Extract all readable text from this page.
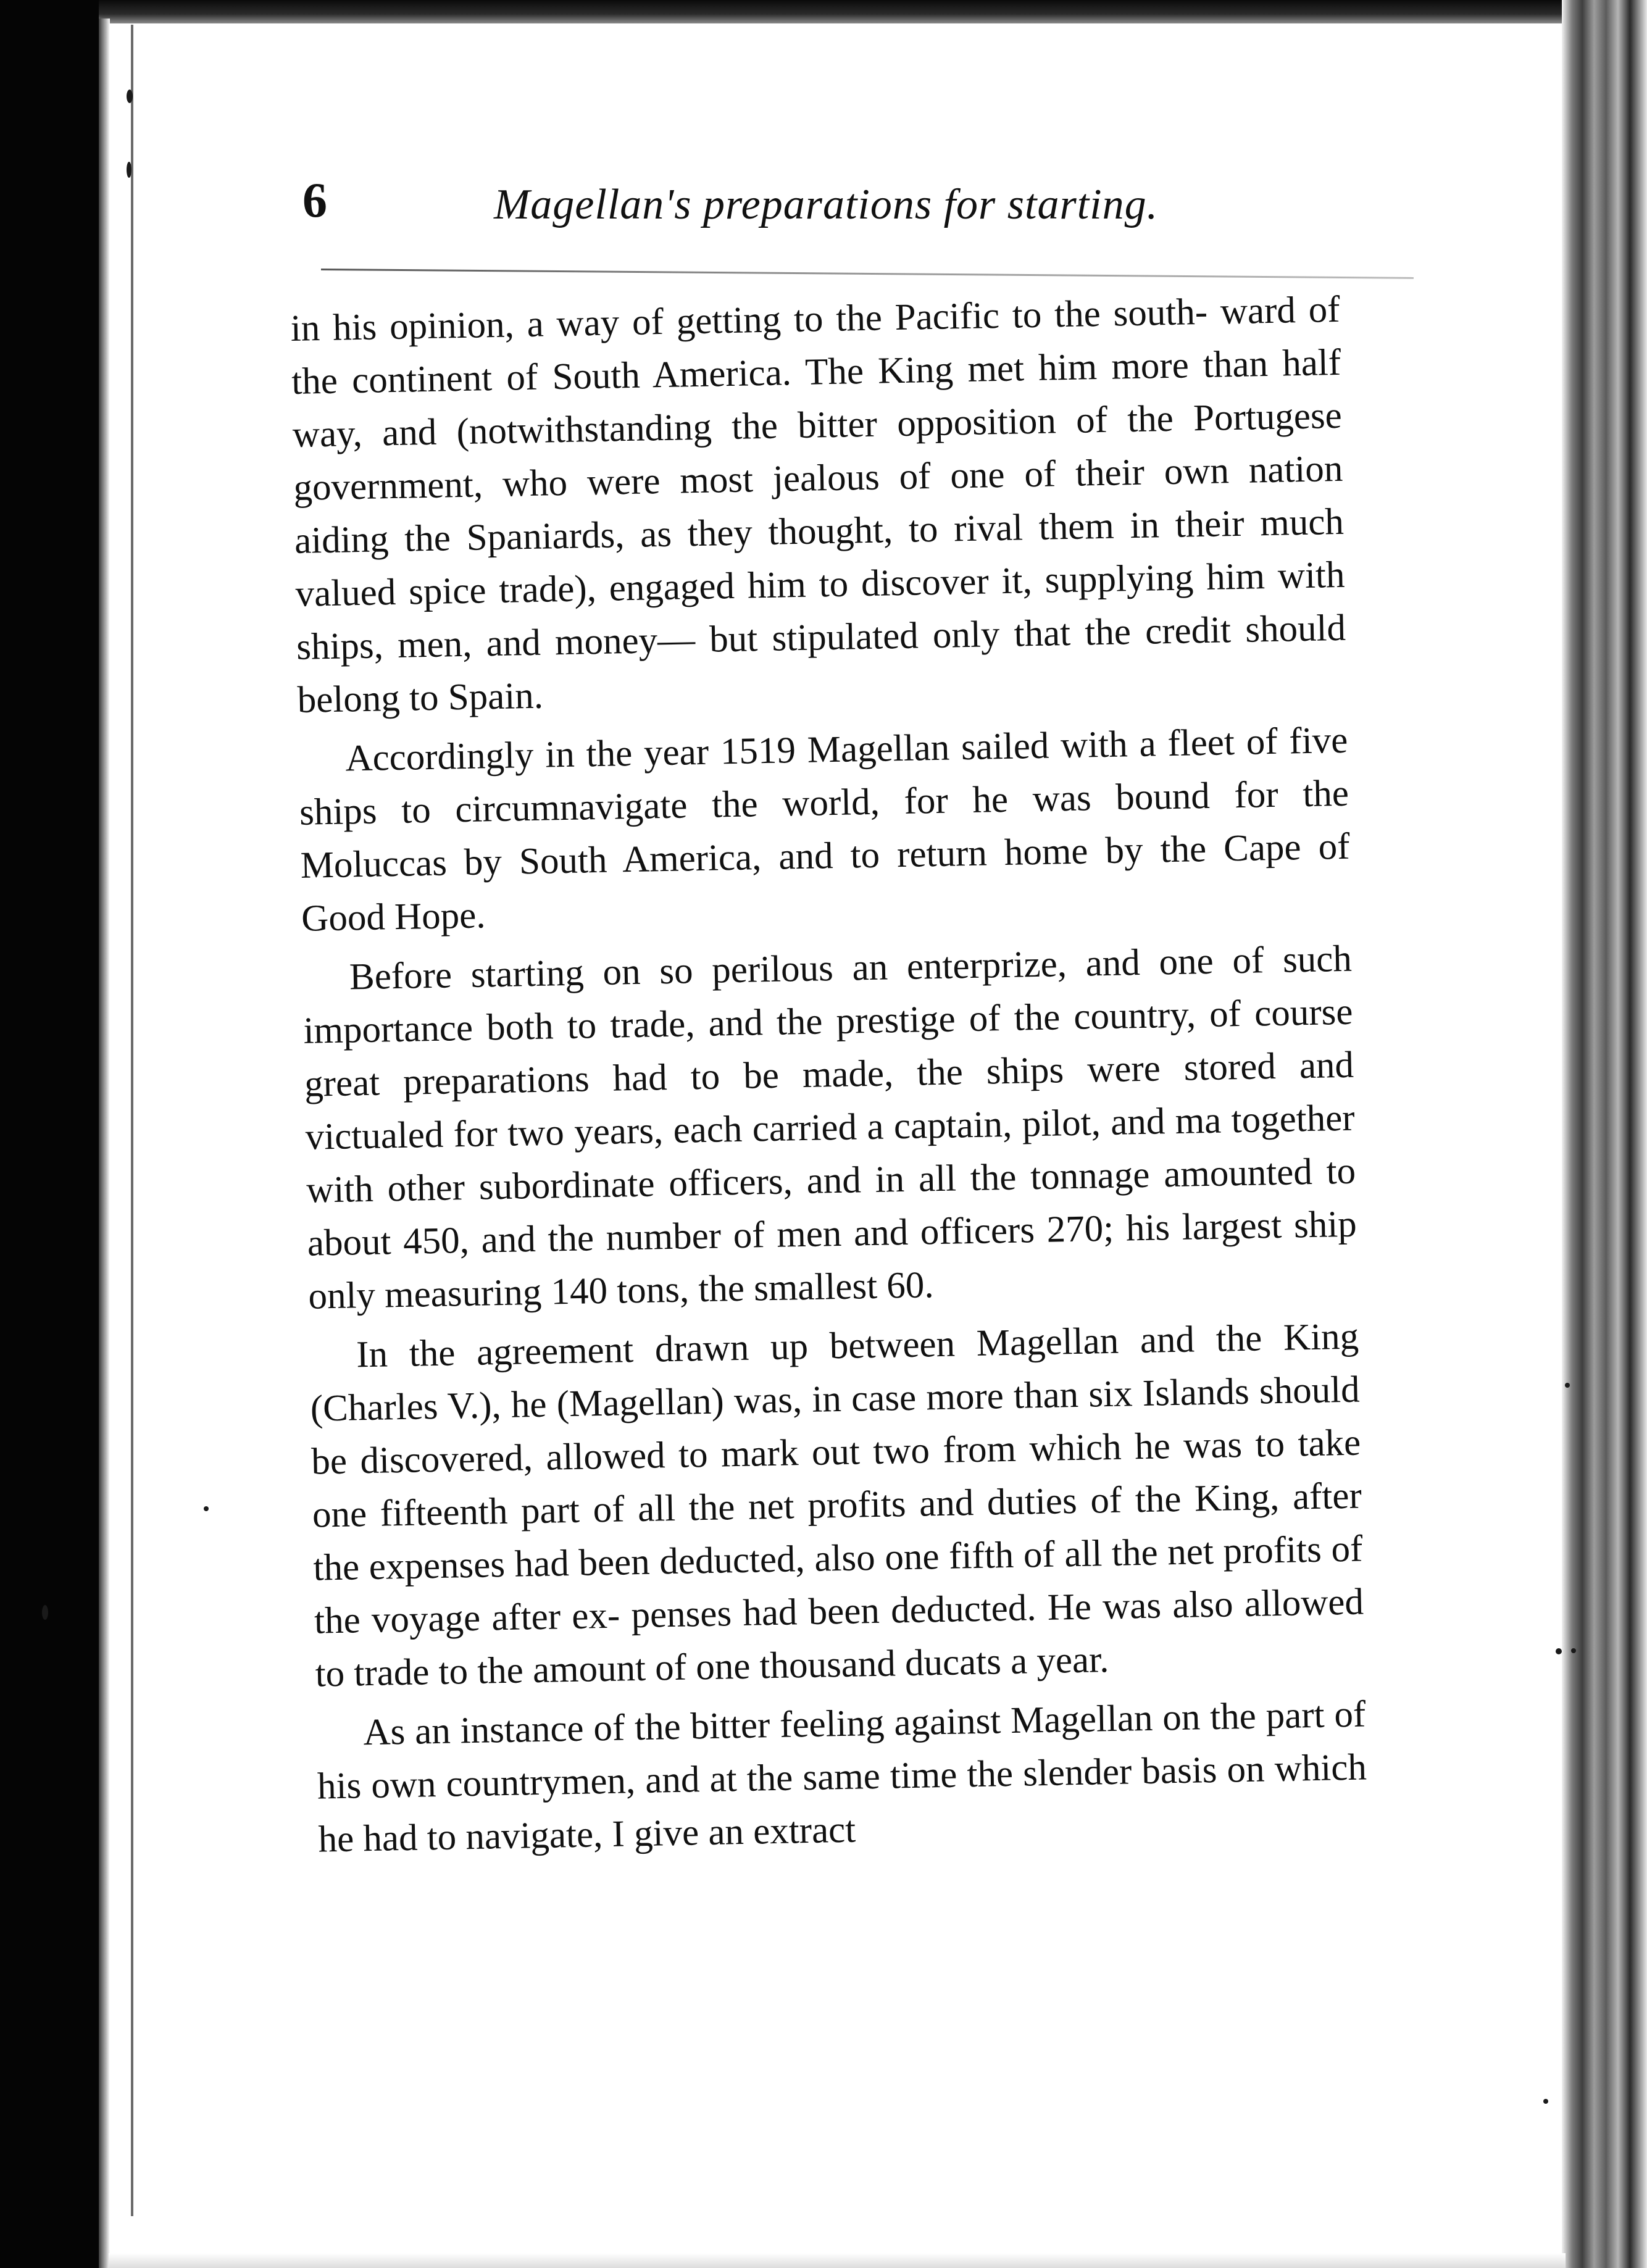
6	Magellan's preparations for starting.

in his opinion, a way of getting to the Pacific to the south- ward of the continent of South America. The King met him more than half way, and (notwithstanding the bitter opposition of the Portugese government, who were most jealous of one of their own nation aiding the Spaniards, as they thought, to rival them in their much valued spice trade), engaged him to discover it, supplying him with ships, men, and money— but stipulated only that the credit should belong to Spain.

Accordingly in the year 1519 Magellan sailed with a fleet of five ships to circumnavigate the world, for he was bound for the Moluccas by South America, and to return home by the Cape of Good Hope.

Before starting on so perilous an enterprize, and one of such importance both to trade, and the prestige of the country, of course great preparations had to be made, the ships were stored and victualed for two years, each carried a captain, pilot, and ma together with other subordinate officers, and in all the tonnage amounted to about 450, and the number of men and officers 270; his largest ship only measuring 140 tons, the smallest 60.

In the agreement drawn up between Magellan and the King (Charles V.), he (Magellan) was, in case more than six Islands should be discovered, allowed to mark out two from which he was to take one fifteenth part of all the net profits and duties of the King, after the expenses had been deducted, also one fifth of all the net profits of the voyage after ex- penses had been deducted. He was also allowed to trade to the amount of one thousand ducats a year.

As an instance of the bitter feeling against Magellan on the part of his own countrymen, and at the same time the slender basis on which he had to navigate, I give an extract
